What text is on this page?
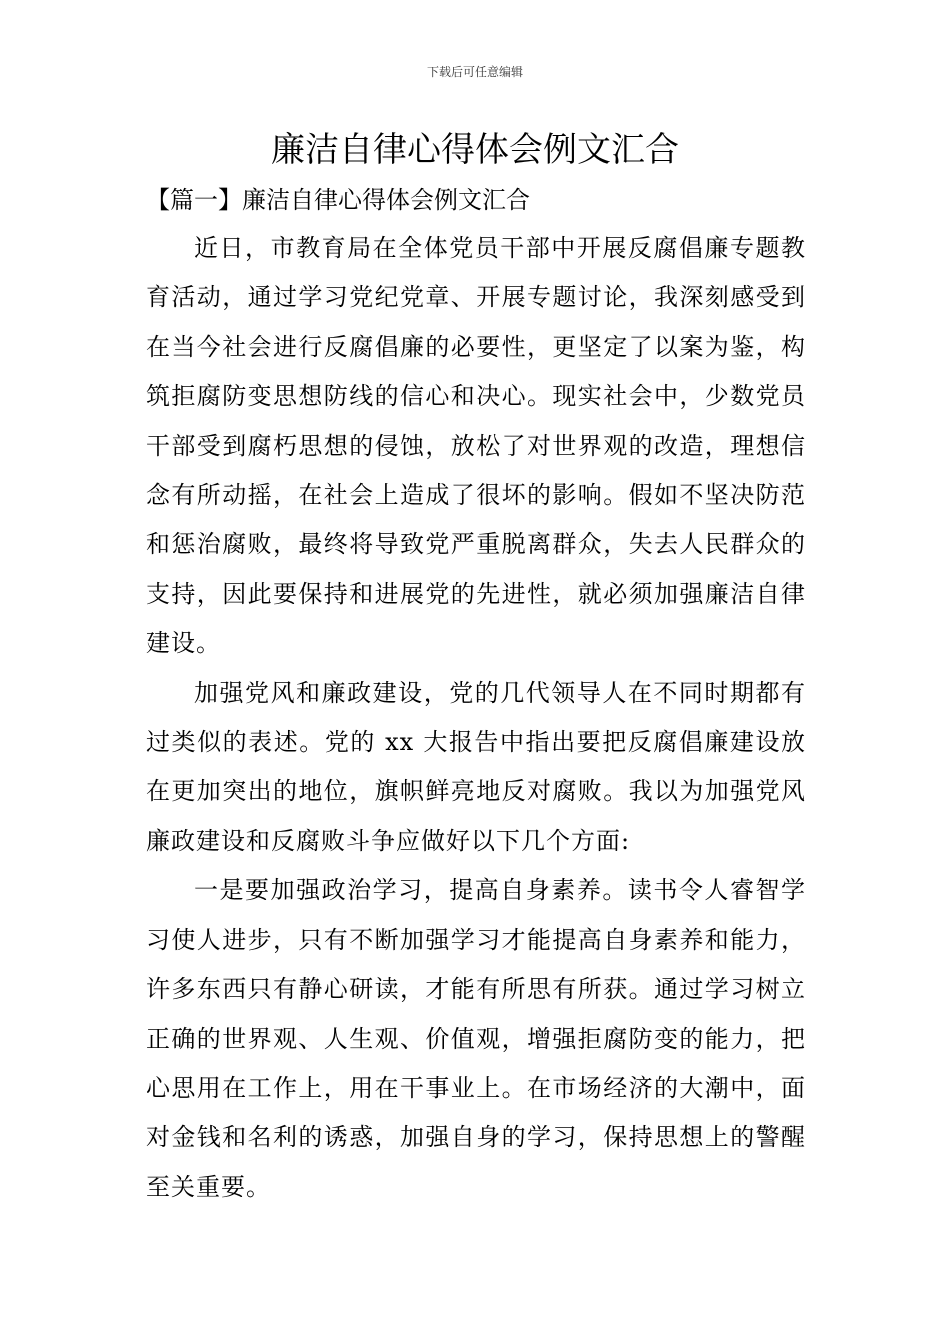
下载后可任意编辑
廉洁自律心得体会例文汇合
【篇一】廉洁自律心得体会例文汇合

近日，市教育局在全体党员干部中开展反腐倡廉专题教育活动，通过学习党纪党章、开展专题讨论，我深刻感受到在当今社会进行反腐倡廉的必要性，更坚定了以案为鉴，构筑拒腐防变思想防线的信心和决心。现实社会中，少数党员干部受到腐朽思想的侵蚀，放松了对世界观的改造，理想信念有所动摇，在社会上造成了很坏的影响。假如不坚决防范和惩治腐败，最终将导致党严重脱离群众，失去人民群众的支持，因此要保持和进展党的先进性，就必须加强廉洁自律建设。

加强党风和廉政建设，党的几代领导人在不同时期都有过类似的表述。党的 xx 大报告中指出要把反腐倡廉建设放在更加突出的地位，旗帜鲜亮地反对腐败。我以为加强党风廉政建设和反腐败斗争应做好以下几个方面:

一是要加强政治学习，提高自身素养。读书令人睿智学习使人进步，只有不断加强学习才能提高自身素养和能力，许多东西只有静心研读，才能有所思有所获。通过学习树立正确的世界观、人生观、价值观，增强拒腐防变的能力，把心思用在工作上，用在干事业上。在市场经济的大潮中，面对金钱和名利的诱惑，加强自身的学习，保持思想上的警醒至关重要。
